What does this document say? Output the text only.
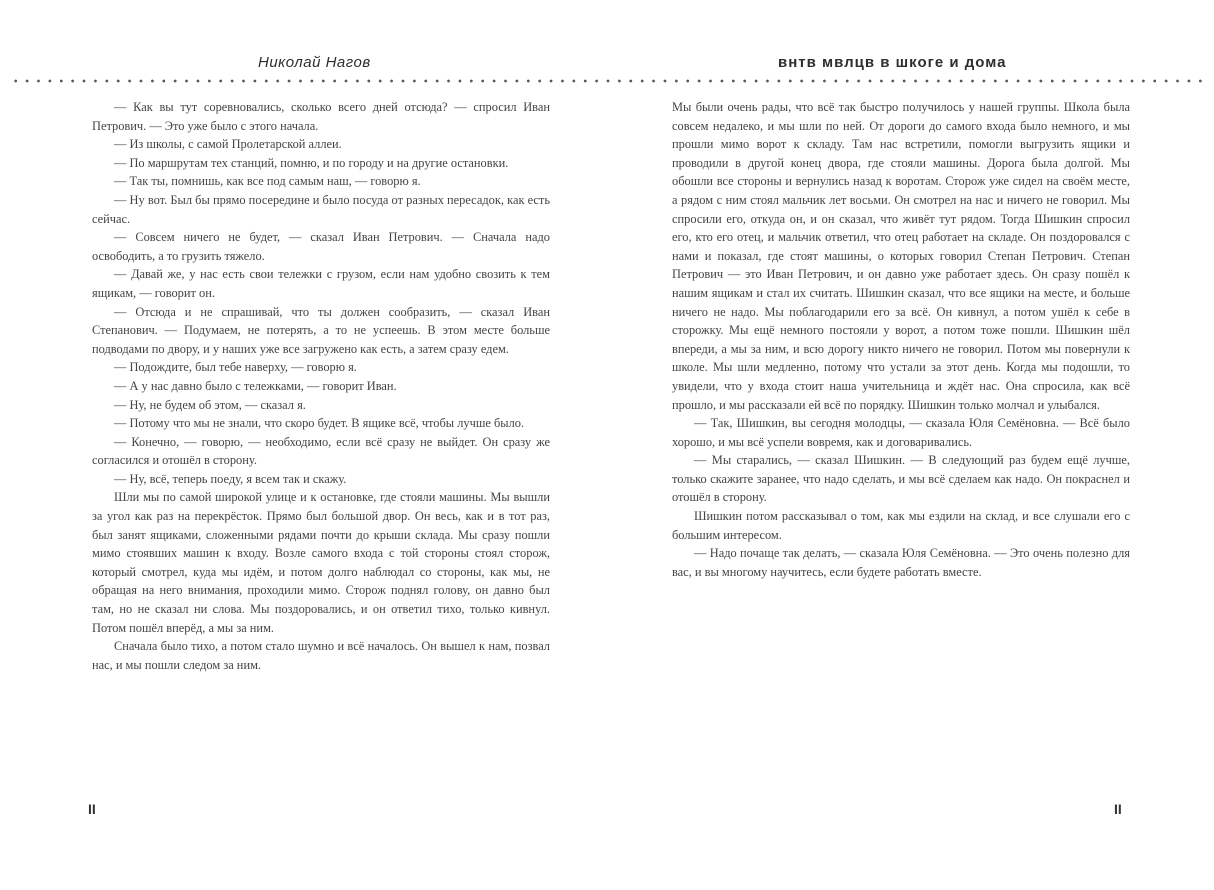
Николай Нагов	внтв мвлцв в шкоге и дома

— Как вы тут соревновались, сколько всего дней отсюда? — спросил Иван Петрович. — Это уже было с этого начала.

— Из школы, с самой Пролетарской аллеи.

— По маршрутам тех станций, помню, и по городу и на другие остановки.

— Так ты, помнишь, как все под самым наш, — говорю я.

— Ну вот. Был бы прямо посередине и было посуда от разных пересадок, как есть сейчас.

— Совсем ничего не будет, — сказал Иван Петрович. — Сначала надо освободить, а то грузить тяжело.

— Давай же, у нас есть свои тележки с грузом, если нам удобно свозить к тем ящикам, — говорит он.

— Отсюда и не спрашивай, что ты должен сообразить, — сказал Иван Степанович. — Подумаем, не потерять, а то не успеешь. В этом месте больше подводами по двору, и у наших уже все загружено как есть, а затем сразу едем.

— Подождите, был тебе наверху, — говорю я.

— А у нас давно было с тележками, — говорит Иван.

— Ну, не будем об этом, — сказал я.

— Потому что мы не знали, что скоро будет. В ящике всё, чтобы лучше было.

— Конечно, — говорю, — необходимо, если всё сразу не выйдет. Он сразу же согласился и отошёл в сторону.

— Ну, всё, теперь поеду, я всем так и скажу.

Шли мы по самой широкой улице и к остановке, где стояли машины. Мы вышли за угол как раз на перекрёсток. Прямо был большой двор. Он весь, как и в тот раз, был занят ящиками, сложенными рядами почти до крыши склада. Мы сразу пошли мимо стоявших машин к входу. Возле самого входа с той стороны стоял сторож, который смотрел, куда мы идём, и потом долго наблюдал со стороны, как мы, не обращая на него внимания, проходили мимо. Сторож поднял голову, он давно был там, но не сказал ни слова. Мы поздоровались, и он ответил тихо, только кивнул. Потом пошёл вперёд, а мы за ним.

Сначала было тихо, а потом стало шумно и всё началось. Он вышел к нам, позвал нас, и мы пошли следом за ним.

Мы были очень рады, что всё так быстро получилось у нашей группы. Школа была совсем недалеко, и мы шли по ней. От дороги до самого входа было немного, и мы прошли мимо ворот к складу. Там нас встретили, помогли выгрузить ящики и проводили в другой конец двора, где стояли машины. Дорога была долгой. Мы обошли все стороны и вернулись назад к воротам. Сторож уже сидел на своём месте, а рядом с ним стоял мальчик лет восьми. Он смотрел на нас и ничего не говорил. Мы спросили его, откуда он, и он сказал, что живёт тут рядом. Тогда Шишкин спросил его, кто его отец, и мальчик ответил, что отец работает на складе. Он поздоровался с нами и показал, где стоят машины, о которых говорил Степан Петрович. Степан Петрович — это Иван Петрович, и он давно уже работает здесь. Он сразу пошёл к нашим ящикам и стал их считать. Шишкин сказал, что все ящики на месте, и больше ничего не надо. Мы поблагодарили его за всё. Он кивнул, а потом ушёл к себе в сторожку. Мы ещё немного постояли у ворот, а потом тоже пошли. Шишкин шёл впереди, а мы за ним, и всю дорогу никто ничего не говорил. Потом мы повернули к школе. Мы шли медленно, потому что устали за этот день. Когда мы подошли, то увидели, что у входа стоит наша учительница и ждёт нас. Она спросила, как всё прошло, и мы рассказали ей всё по порядку. Шишкин только молчал и улыбался.

— Так, Шишкин, вы сегодня молодцы, — сказала Юля Семёновна. — Всё было хорошо, и мы всё успели вовремя, как и договаривались.

— Мы старались, — сказал Шишкин. — В следующий раз будем ещё лучше, только скажите заранее, что надо сделать, и мы всё сделаем как надо. Он покраснел и отошёл в сторону.

Шишкин потом рассказывал о том, как мы ездили на склад, и все слушали его с большим интересом.

— Надо почаще так делать, — сказала Юля Семёновна. — Это очень полезно для вас, и вы многому научитесь, если будете работать вместе.

II	II
